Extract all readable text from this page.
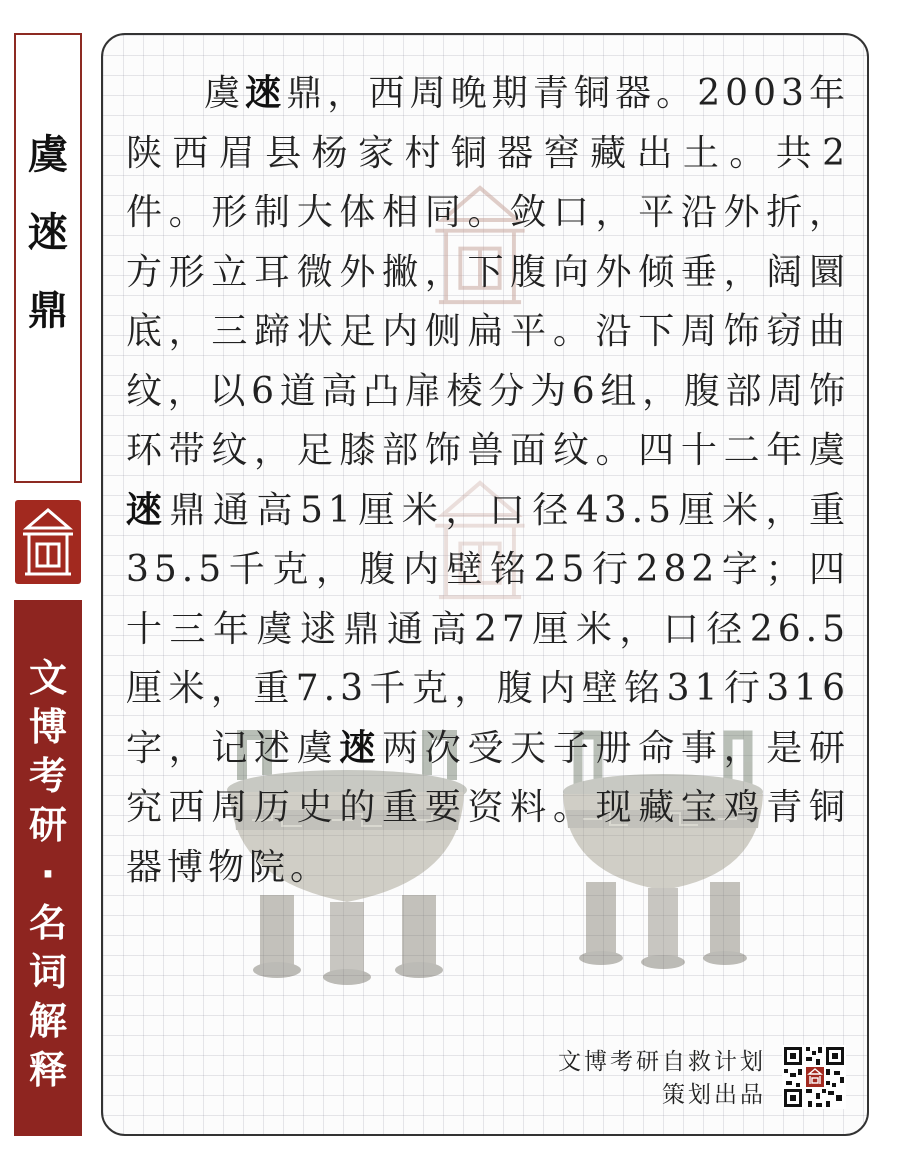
虞
逨
鼎
文
博
考
研
·
名
词
解
释

虞逨鼎，西周晚期青铜器。2003年陕西眉县杨家村铜器窖藏出土。共2件。形制大体相同。敛口，平沿外折，方形立耳微外撇，下腹向外倾垂，阔圜底，三蹄状足内侧扁平。沿下周饰窃曲纹，以6道高凸扉棱分为6组，腹部周饰环带纹，足膝部饰兽面纹。四十二年虞逨鼎通高51厘米，口径43.5厘米，重35.5千克，腹内壁铭25行282字；四十三年虞逑鼎通高27厘米，口径26.5厘米，重7.3千克，腹内壁铭31行316字，记述虞逨两次受天子册命事，是研究西周历史的重要资料。现藏宝鸡青铜器博物院。

文博考研自救计划
策划出品
